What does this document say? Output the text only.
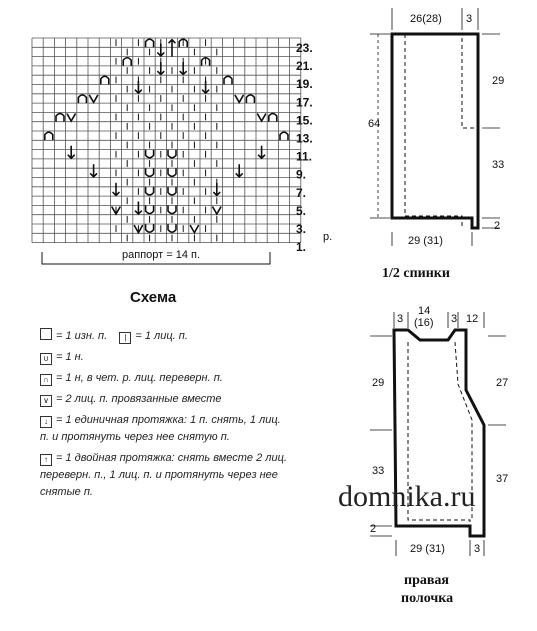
раппорт = 14 п.
р.
23.
21.
19.
17.
15.
13.
11.
9.
7.
5.
3.
1.
Схема
26(28) 3
64
29
33
2
29 (31)
1/2 спинки
3
14
(16) 3 12
29
33
27
37
2
29 (31)	3
правая
полочка
domnika.ru
= 1 изн. п. | = 1 лиц. п.
∪ = 1 н.
∩ = 1 н, в чет. р. лиц. переверн. п.
∨ = 2 лиц. п. провязанные вместе
↓ = 1 единичная протяжка: 1 п. снять, 1 лиц. п. и протянуть через нее снятую п.
↑ = 1 двойная протяжка: снять вместе 2 лиц. переверн. п., 1 лиц. п. и протянуть через нее снятые п.
